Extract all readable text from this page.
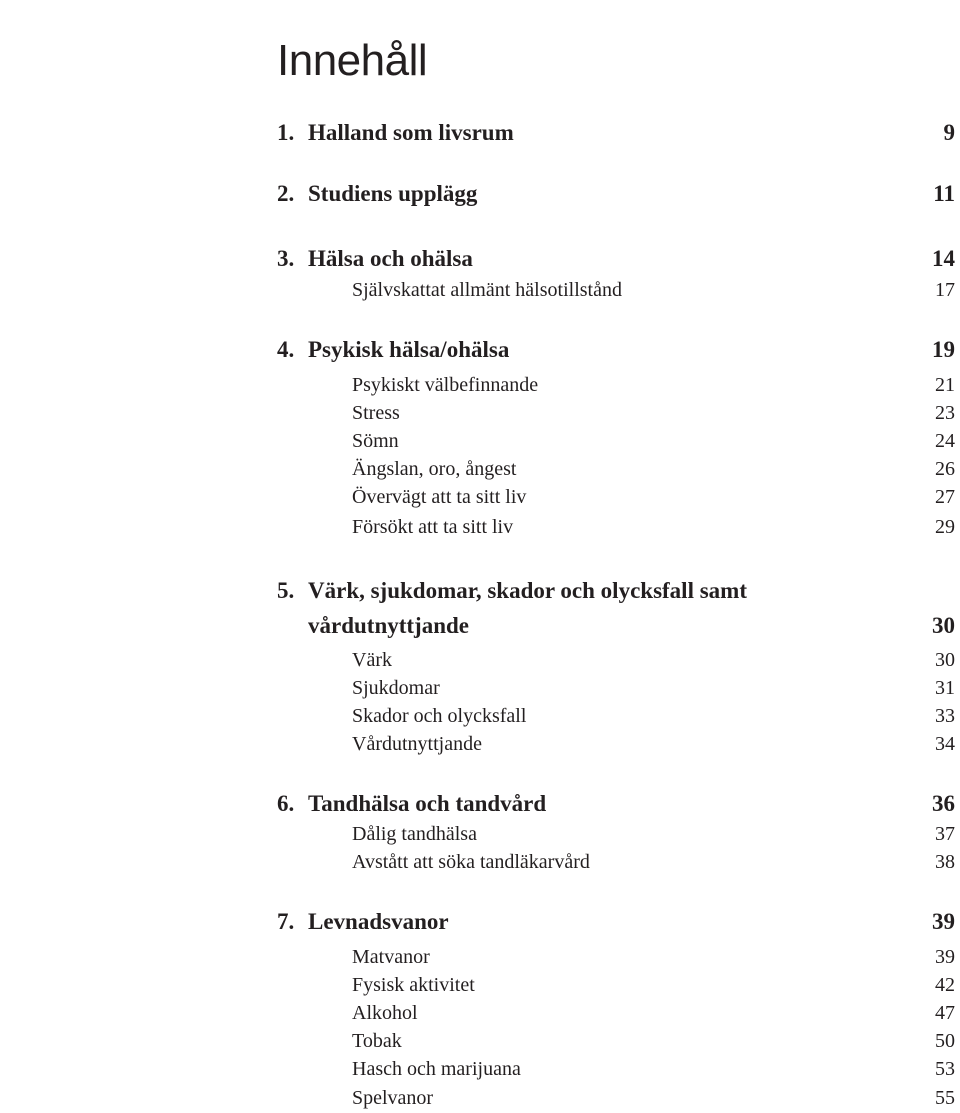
Innehåll
1. Halland som livsrum	9
2. Studiens upplägg	11
3. Hälsa och ohälsa	14
Självskattat allmänt hälsotillstånd	17
4. Psykisk hälsa/ohälsa	19
Psykiskt välbefinnande	21
Stress	23
Sömn	24
Ängslan, oro, ångest	26
Övervägt att ta sitt liv	27
Försökt att ta sitt liv	29
5. Värk, sjukdomar, skador och olycksfall samt
vårdutnyttjande	30
Värk	30
Sjukdomar	31
Skador och olycksfall	33
Vårdutnyttjande	34
6. Tandhälsa och tandvård	36
Dålig tandhälsa	37
Avstått att söka tandläkarvård	38
7. Levnadsvanor	39
Matvanor	39
Fysisk aktivitet	42
Alkohol	47
Tobak	50
Hasch och marijuana	53
Spelvanor	55
